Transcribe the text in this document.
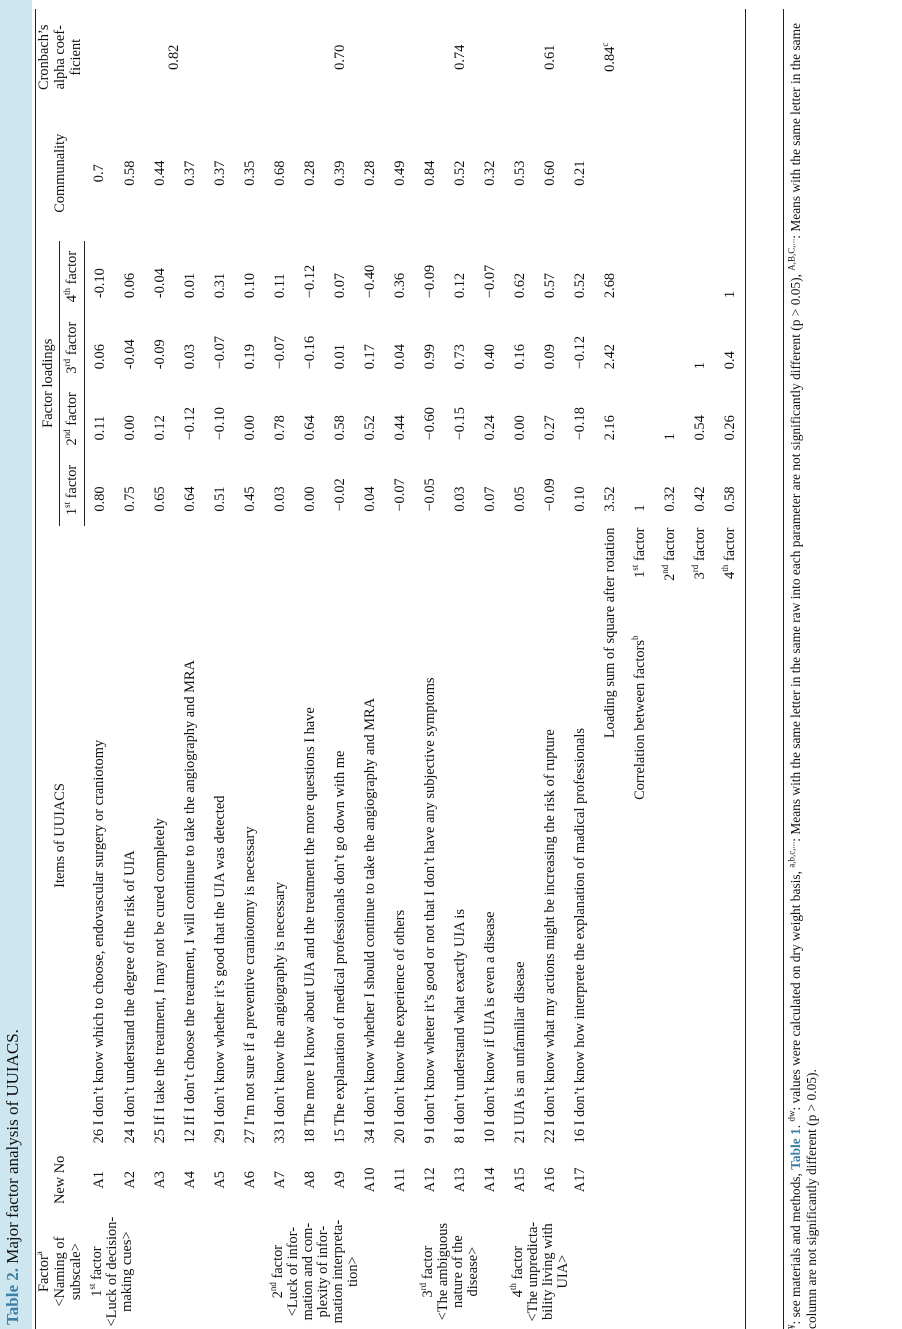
Table 2. Major factor analysis of UUIACS.
Factor$^a$ <Naming of subscale>	New No	Items of UUIACS	Factor loadings				Communality	Cronbach’s alpha coef- ficient
			1st factor	2nd factor	3rd factor	4th factor		
1st factor
<Luck of decision-making cues>	A1	26 I don’t know which to choose, endovascular surgery or craniotomy	0.80	0.11	0.06	-0.10	0.7	0.82
	A2	24 I don’t understand the degree of the risk of UIA	0.75	0.00	-0.04	0.06	0.58	
	A3	25 If I take the treatment, I may not be cured completely	0.65	0.12	-0.09	-0.04	0.44	
	A4	12 If I don’t choose the treatment, I will continue to take the angiography and MRA	0.64	−0.12	0.03	0.01	0.37	
	A5	29 I don’t know whether it’s good that the UIA was detected	0.51	−0.10	−0.07	0.31	0.37	
	A6	27 I’m not sure if a preventive craniotomy is necessary	0.45	0.00	0.19	0.10	0.35	
2nd factor
<Luck of infor- mation and com- plexity of infor- mation interpreta- tion>	A7	33 I don’t know the angiography is necessary	0.03	0.78	−0.07	0.11	0.68	0.70
	A8	18 The more I know about UIA and the treatment the more questions I have	0.00	0.64	−0.16	−0.12	0.28	
	A9	15 The explanation of medical professionals don’t go down with me	−0.02	0.58	0.01	0.07	0.39	
	A10	34 I don’t know whether I should continue to take the angiography and MRA	0.04	0.52	0.17	−0.40	0.28	
	A11	20 I don’t know the experience of others	−0.07	0.44	0.04	0.36	0.49	
3rd factor
<The ambiguous nature of the disease>	A12	9 I don’t know wheter it’s good or not that I don’t have any subjective symptoms	−0.05	−0.60	0.99	−0.09	0.84	0.74
	A13	8 I don’t understand what exactly UIA is	0.03	−0.15	0.73	0.12	0.52	
	A14	10 I don’t know if UIA is even a disease	0.07	0.24	0.40	−0.07	0.32	
4th factor
<The unpredicta- bility living with UIA>	A15	21 UIA is an unfamiliar disease	0.05	0.00	0.16	0.62	0.53	0.61
	A16	22 I don’t know what my actions might be increasing the risk of rupture	−0.09	0.27	0.09	0.57	0.60	
	A17	16 I don’t know how interprete the explanation of madical professionals	0.10	−0.18	−0.12	0.52	0.21	
		Loading sum of square after rotation	3.52	2.16	2.42	2.68		0.84$^c$
		Correlation between factors$^b$                1st factor	1					
		2nd factor	0.32	1				
		3rd factor	0.42	0.54	1			
		4th factor	0.58	0.26	0.4	1		
¥: see materials and methods, Table 1. $^{dw}$: values were calculated on dry weight basis, $^{a,b,c,...}$: Means with the same letter in the same raw into each parameter are not significantly different (p > 0.05), $^{A,B,C,...}$: Means with the same letter in the same column are not significantly different (p > 0.05).
